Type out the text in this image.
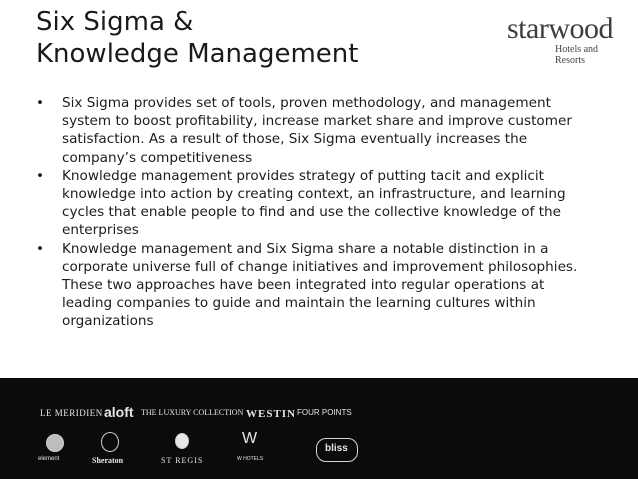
Six Sigma &
Knowledge Management
starwood
Hotels and
Resorts
•	Six Sigma provides set of tools, proven methodology, and management system to boost profitability, increase market share and improve customer satisfaction. As a result of those, Six Sigma eventually increases the company’s competitiveness
•	Knowledge management provides strategy of putting tacit and explicit knowledge into action by creating context, an infrastructure, and learning cycles that enable people to find and use the collective knowledge of the enterprises
•	Knowledge management and Six Sigma share a notable distinction in a corporate universe full of change initiatives and improvement philosophies. These two approaches have been integrated into regular operations at leading companies to guide and maintain the learning cultures within organizations
LE MERIDIEN aloft THE LUXURY COLLECTION WESTIN FOUR POINTS
W
element	Sheraton	ST REGIS	W HOTELS
bliss
